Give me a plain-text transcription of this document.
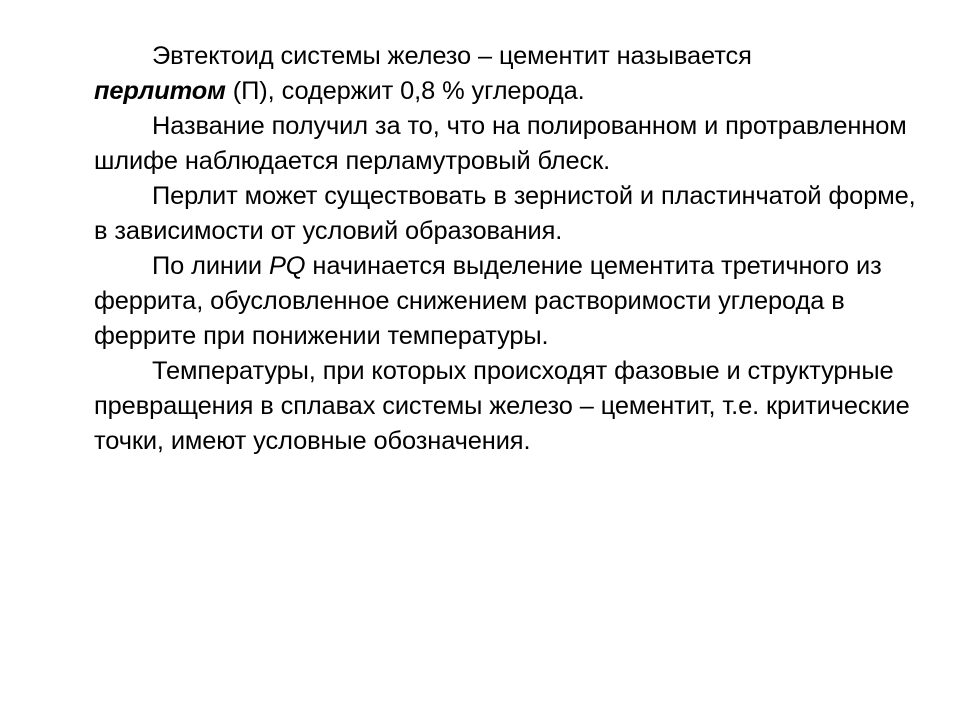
Эвтектоид системы железо – цементит называется
перлитом (П), содержит 0,8 % углерода.

Название получил за то, что на полированном и протравленном шлифе наблюдается перламутровый блеск.

Перлит может существовать в зернистой и пластинчатой форме, в зависимости от условий образования.

По линии PQ начинается выделение цементита третичного из феррита, обусловленное снижением растворимости углерода в феррите при понижении температуры.

Температуры, при которых происходят фазовые и структурные превращения в сплавах системы железо – цементит, т.е. критические точки, имеют условные обозначения.
